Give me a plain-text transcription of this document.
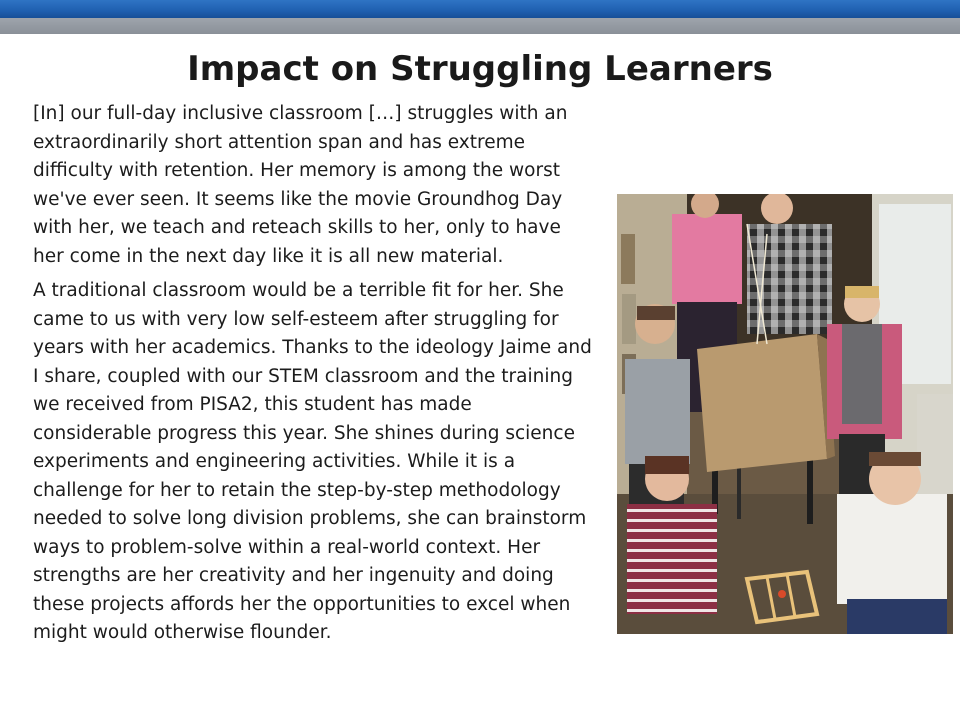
Impact on Struggling Learners

[In] our full-day inclusive classroom […] struggles with an extraordinarily short attention span and has extreme difficulty with retention. Her memory is among the worst we've ever seen. It seems like the movie Groundhog Day with her, we teach and reteach skills to her, only to have her come in the next day like it is all new material.

A traditional classroom would be a terrible fit for her. She came to us with very low self-esteem after struggling for years with her academics. Thanks to the ideology Jaime and I share, coupled with our STEM classroom and the training we received from PISA2, this student has made considerable progress this year. She shines during science experiments and engineering activities. While it is a challenge for her to retain the step-by-step methodology needed to solve long division problems, she can brainstorm ways to problem-solve within a real-world context. Her strengths are her creativity and her ingenuity and doing these projects affords her the opportunities to excel when might would otherwise flounder.
